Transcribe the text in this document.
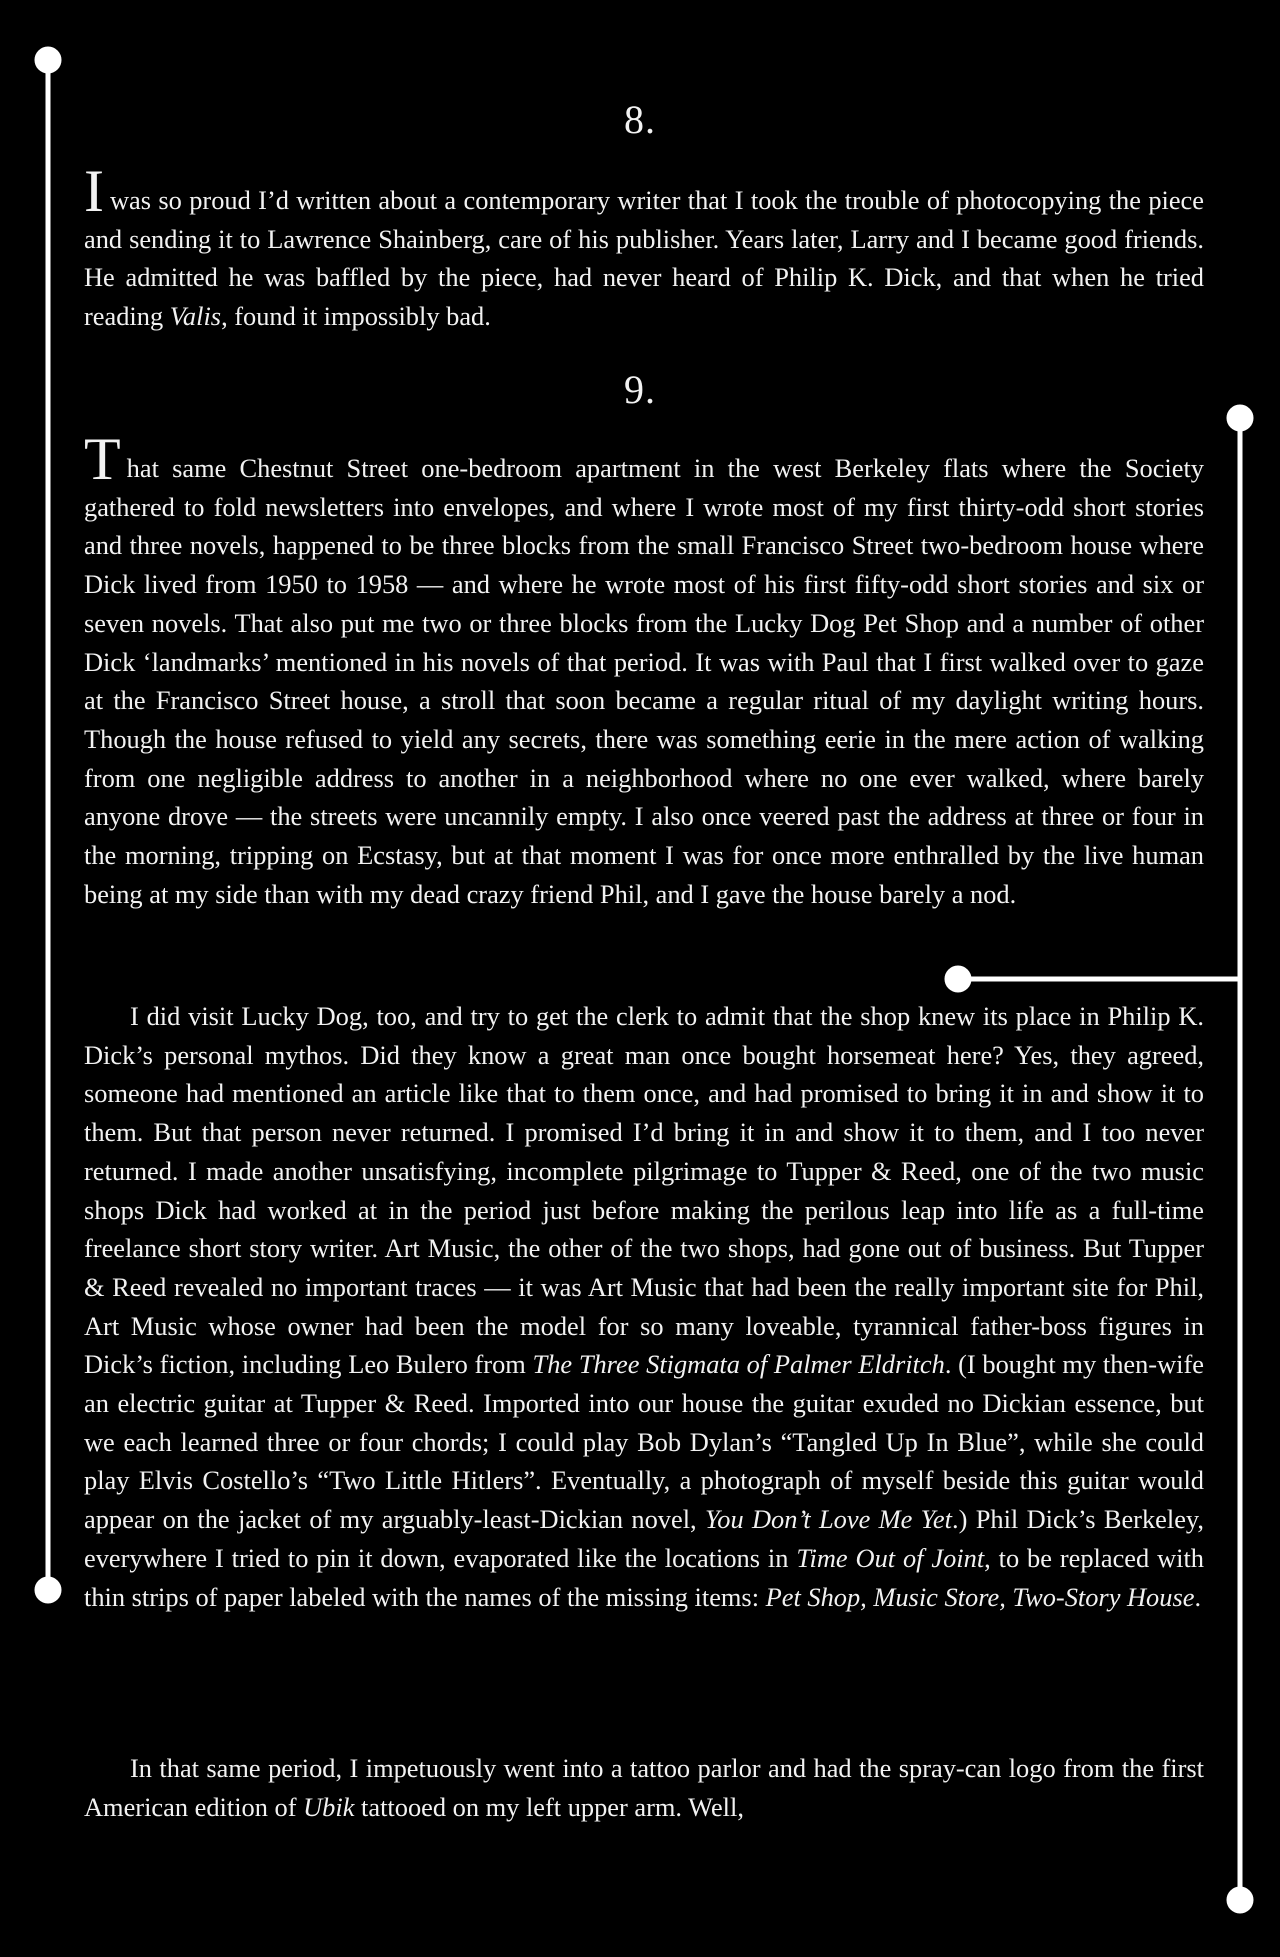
8.

Iwas so proud I’d written about a contemporary writer that I took the trouble of photocopying the piece and sending it to Lawrence Shainberg, care of his publisher. Years later, Larry and I became good friends. He admitted he was baffled by the piece, had never heard of Philip K. Dick, and that when he tried reading Valis, found it impossibly bad.

9.

That same Chestnut Street one-bedroom apartment in the west Berkeley flats where the Society gathered to fold newsletters into envelopes, and where I wrote most of my first thirty-odd short stories and three novels, happened to be three blocks from the small Francisco Street two-bedroom house where Dick lived from 1950 to 1958 — and where he wrote most of his first fifty-odd short stories and six or seven novels. That also put me two or three blocks from the Lucky Dog Pet Shop and a number of other Dick ‘landmarks’ mentioned in his novels of that period. It was with Paul that I first walked over to gaze at the Francisco Street house, a stroll that soon became a regular ritual of my daylight writing hours. Though the house refused to yield any secrets, there was something eerie in the mere action of walking from one negligible address to another in a neighborhood where no one ever walked, where barely anyone drove — the streets were uncannily empty. I also once veered past the address at three or four in the morning, tripping on Ecstasy, but at that moment I was for once more enthralled by the live human being at my side than with my dead crazy friend Phil, and I gave the house barely a nod.

I did visit Lucky Dog, too, and try to get the clerk to admit that the shop knew its place in Philip K. Dick’s personal mythos. Did they know a great man once bought horsemeat here? Yes, they agreed, someone had mentioned an article like that to them once, and had promised to bring it in and show it to them. But that person never returned. I promised I’d bring it in and show it to them, and I too never returned. I made another unsatisfying, incomplete pilgrimage to Tupper & Reed, one of the two music shops Dick had worked at in the period just before making the perilous leap into life as a full-time freelance short story writer. Art Music, the other of the two shops, had gone out of business. But Tupper & Reed revealed no important traces — it was Art Music that had been the really important site for Phil, Art Music whose owner had been the model for so many loveable, tyrannical father-boss figures in Dick’s fiction, including Leo Bulero from The Three Stigmata of Palmer Eldritch. (I bought my then-wife an electric guitar at Tupper & Reed. Imported into our house the guitar exuded no Dickian essence, but we each learned three or four chords; I could play Bob Dylan’s “Tangled Up In Blue”, while she could play Elvis Costello’s “Two Little Hitlers”. Eventually, a photograph of myself beside this guitar would appear on the jacket of my arguably-least-Dickian novel, You Don’t Love Me Yet.) Phil Dick’s Berkeley, everywhere I tried to pin it down, evaporated like the locations in Time Out of Joint, to be replaced with thin strips of paper labeled with the names of the missing items: Pet Shop, Music Store, Two-Story House.

In that same period, I impetuously went into a tattoo parlor and had the spray-can logo from the first American edition of Ubik tattooed on my left upper arm. Well,
